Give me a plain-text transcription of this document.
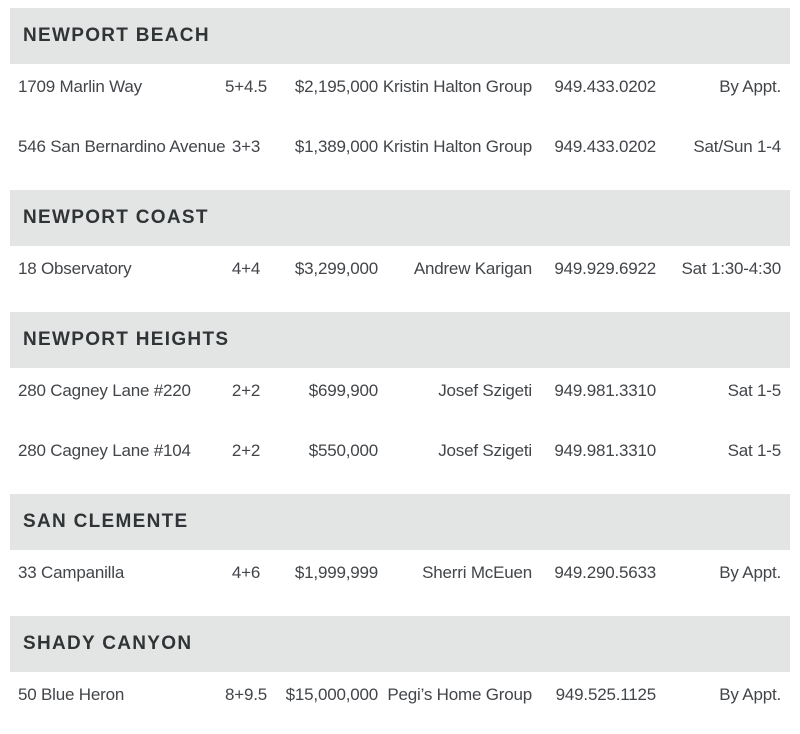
NEWPORT BEACH
1709 Marlin Way	5+4.5	$2,195,000 Kristin Halton Group	949.433.0202	By Appt.
546 San Bernardino Avenue 3+3	$1,389,000 Kristin Halton Group	949.433.0202	Sat/Sun 1-4
NEWPORT COAST
18 Observatory	4+4	$3,299,000	Andrew Karigan	949.929.6922	Sat 1:30-4:30
NEWPORT HEIGHTS
280 Cagney Lane #220	2+2	$699,900	Josef Szigeti	949.981.3310	Sat 1-5
280 Cagney Lane #104	2+2	$550,000	Josef Szigeti	949.981.3310	Sat 1-5
SAN CLEMENTE
33 Campanilla	4+6	$1,999,999	Sherri McEuen	949.290.5633	By Appt.
SHADY CANYON
50 Blue Heron	8+9.5	$15,000,000 Pegi’s Home Group	949.525.1125	By Appt.
